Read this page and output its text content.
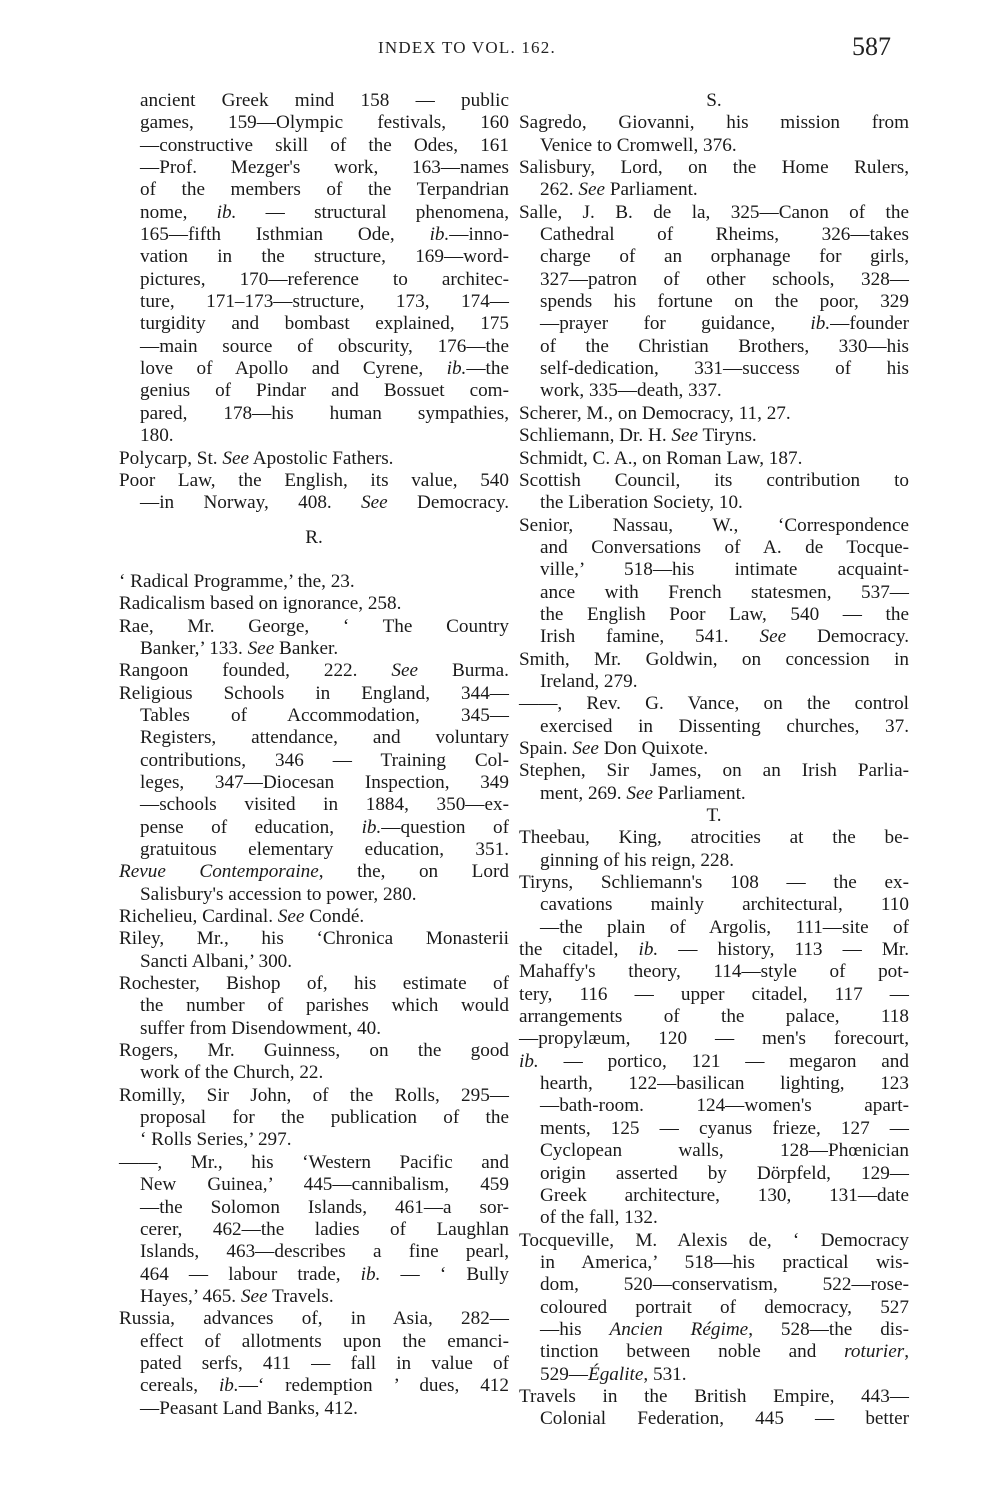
INDEX TO VOL. 162.	587
ancient Greek mind 158 — public
games, 159—Olympic festivals, 160
—constructive skill of the Odes, 161
—Prof. Mezger's work, 163—names
of the members of the Terpandrian
nome, ib. — structural phenomena,
165—fifth Isthmian Ode, ib.—inno-
vation in the structure, 169—word-
pictures, 170—reference to architec-
ture, 171–173—structure, 173, 174—
turgidity and bombast explained, 175
—main source of obscurity, 176—the
love of Apollo and Cyrene, ib.—the
genius of Pindar and Bossuet com-
pared, 178—his human sympathies,
180.
Polycarp, St. See Apostolic Fathers.
Poor Law, the English, its value, 540
—in Norway, 408. See Democracy.
R.
‘ Radical Programme,’ the, 23.
Radicalism based on ignorance, 258.
Rae, Mr. George, ‘ The Country
Banker,’ 133. See Banker.
Rangoon founded, 222. See Burma.
Religious Schools in England, 344—
Tables of Accommodation, 345—
Registers, attendance, and voluntary
contributions, 346 — Training Col-
leges, 347—Diocesan Inspection, 349
—schools visited in 1884, 350—ex-
pense of education, ib.—question of
gratuitous elementary education, 351.
Revue Contemporaine, the, on Lord
Salisbury's accession to power, 280.
Richelieu, Cardinal. See Condé.
Riley, Mr., his ‘Chronica Monasterii
Sancti Albani,’ 300.
Rochester, Bishop of, his estimate of
the number of parishes which would
suffer from Disendowment, 40.
Rogers, Mr. Guinness, on the good
work of the Church, 22.
Romilly, Sir John, of the Rolls, 295—
proposal for the publication of the
‘ Rolls Series,’ 297.
——, Mr., his ‘Western Pacific and
New Guinea,’ 445—cannibalism, 459
—the Solomon Islands, 461—a sor-
cerer, 462—the ladies of Laughlan
Islands, 463—describes a fine pearl,
464 — labour trade, ib. — ‘ Bully
Hayes,’ 465. See Travels.
Russia, advances of, in Asia, 282—
effect of allotments upon the emanci-
pated serfs, 411 — fall in value of
cereals, ib.—‘ redemption ’ dues, 412
—Peasant Land Banks, 412.
S.
Sagredo, Giovanni, his mission from
Venice to Cromwell, 376.
Salisbury, Lord, on the Home Rulers,
262. See Parliament.
Salle, J. B. de la, 325—Canon of the
Cathedral of Rheims, 326—takes
charge of an orphanage for girls,
327—patron of other schools, 328—
spends his fortune on the poor, 329
—prayer for guidance, ib.—founder
of the Christian Brothers, 330—his
self-dedication, 331—success of his
work, 335—death, 337.
Scherer, M., on Democracy, 11, 27.
Schliemann, Dr. H. See Tiryns.
Schmidt, C. A., on Roman Law, 187.
Scottish Council, its contribution to
the Liberation Society, 10.
Senior, Nassau, W., ‘Correspondence
and Conversations of A. de Tocque-
ville,’ 518—his intimate acquaint-
ance with French statesmen, 537—
the English Poor Law, 540 — the
Irish famine, 541. See Democracy.
Smith, Mr. Goldwin, on concession in
Ireland, 279.
——, Rev. G. Vance, on the control
exercised in Dissenting churches, 37.
Spain. See Don Quixote.
Stephen, Sir James, on an Irish Parlia-
ment, 269. See Parliament.
T.
Theebau, King, atrocities at the be-
ginning of his reign, 228.
Tiryns, Schliemann's 108 — the ex-
cavations mainly architectural, 110
—the plain of Argolis, 111—site of
the citadel, ib. — history, 113 — Mr.
Mahaffy's theory, 114—style of pot-
tery, 116 — upper citadel, 117 —
arrangements of the palace, 118
—propylæum, 120 — men's forecourt,
ib. — portico, 121 — megaron and
hearth, 122—basilican lighting, 123
—bath-room. 124—women's apart-
ments, 125 — cyanus frieze, 127 —
Cyclopean walls, 128—Phœnician
origin asserted by Dörpfeld, 129—
Greek architecture, 130, 131—date
of the fall, 132.
Tocqueville, M. Alexis de, ‘ Democracy
in America,’ 518—his practical wis-
dom, 520—conservatism, 522—rose-
coloured portrait of democracy, 527
—his Ancien Régime, 528—the dis-
tinction between noble and roturier,
529—Égalite, 531.
Travels in the British Empire, 443—
Colonial Federation, 445 — better
